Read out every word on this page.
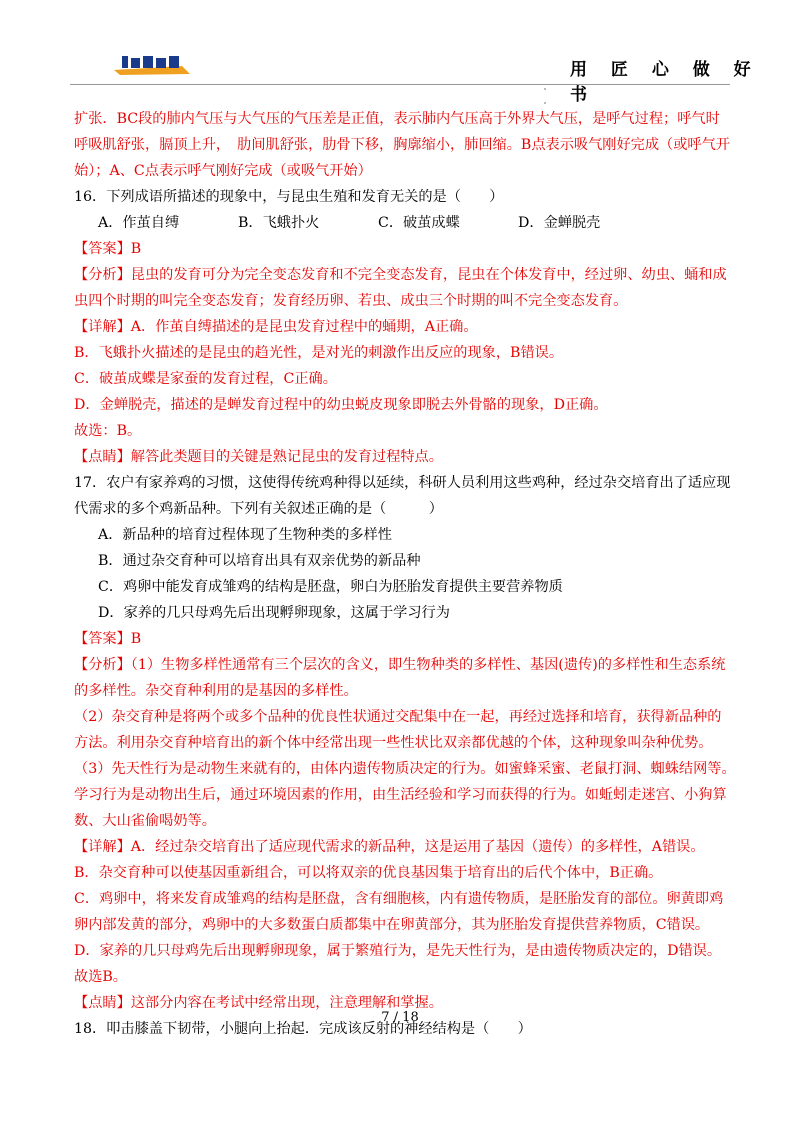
用 匠 心 做 好 书
扩张．BC段的肺内气压与大气压的气压差是正值，表示肺内气压高于外界大气压，是呼气过程；呼气时
呼吸肌舒张，膈顶上升，　肋间肌舒张，肋骨下移，胸廓缩小，肺回缩。B点表示吸气刚好完成（或呼气开
始）；A、C点表示呼气刚好完成（或吸气开始）
16．下列成语所描述的现象中，与昆虫生殖和发育无关的是（　　）
A．作茧自缚	B．飞蛾扑火	C．破茧成蝶	D．金蝉脱壳
【答案】B
【分析】昆虫的发育可分为完全变态发育和不完全变态发育，昆虫在个体发育中，经过卵、幼虫、蛹和成
虫四个时期的叫完全变态发育；发育经历卵、若虫、成虫三个时期的叫不完全变态发育。
【详解】A．作茧自缚描述的是昆虫发育过程中的蛹期，A正确。
B．飞蛾扑火描述的是昆虫的趋光性，是对光的刺激作出反应的现象，B错误。
C．破茧成蝶是家蚕的发育过程，C正确。
D．金蝉脱壳，描述的是蝉发育过程中的幼虫蜕皮现象即脱去外骨骼的现象，D正确。
故选：B。
【点睛】解答此类题目的关键是熟记昆虫的发育过程特点。
17．农户有家养鸡的习惯，这使得传统鸡种得以延续，科研人员利用这些鸡种，经过杂交培育出了适应现
代需求的多个鸡新品种。下列有关叙述正确的是（　　　）
A．新品种的培育过程体现了生物种类的多样性
B．通过杂交育种可以培育出具有双亲优势的新品种
C．鸡卵中能发育成雏鸡的结构是胚盘，卵白为胚胎发育提供主要营养物质
D．家养的几只母鸡先后出现孵卵现象，这属于学习行为
【答案】B
【分析】（1）生物多样性通常有三个层次的含义，即生物种类的多样性、基因(遗传)的多样性和生态系统
的多样性。杂交育种利用的是基因的多样性。
（2）杂交育种是将两个或多个品种的优良性状通过交配集中在一起，再经过选择和培育，获得新品种的
方法。利用杂交育种培育出的新个体中经常出现一些性状比双亲都优越的个体，这种现象叫杂种优势。
（3）先天性行为是动物生来就有的，由体内遗传物质决定的行为。如蜜蜂采蜜、老鼠打洞、蜘蛛结网等。
学习行为是动物出生后，通过环境因素的作用，由生活经验和学习而获得的行为。如蚯蚓走迷宫、小狗算
数、大山雀偷喝奶等。
【详解】A．经过杂交培育出了适应现代需求的新品种，这是运用了基因（遗传）的多样性，A错误。
B．杂交育种可以使基因重新组合，可以将双亲的优良基因集于培育出的后代个体中，B正确。
C．鸡卵中，将来发育成雏鸡的结构是胚盘，含有细胞核，内有遗传物质，是胚胎发育的部位。卵黄即鸡
卵内部发黄的部分，鸡卵中的大多数蛋白质都集中在卵黄部分，其为胚胎发育提供营养物质，C错误。
D．家养的几只母鸡先后出现孵卵现象，属于繁殖行为，是先天性行为，是由遗传物质决定的，D错误。
故选B。
【点睛】这部分内容在考试中经常出现，注意理解和掌握。
18．叩击膝盖下韧带，小腿向上抬起．完成该反射的神经结构是（　　）
7 / 18
